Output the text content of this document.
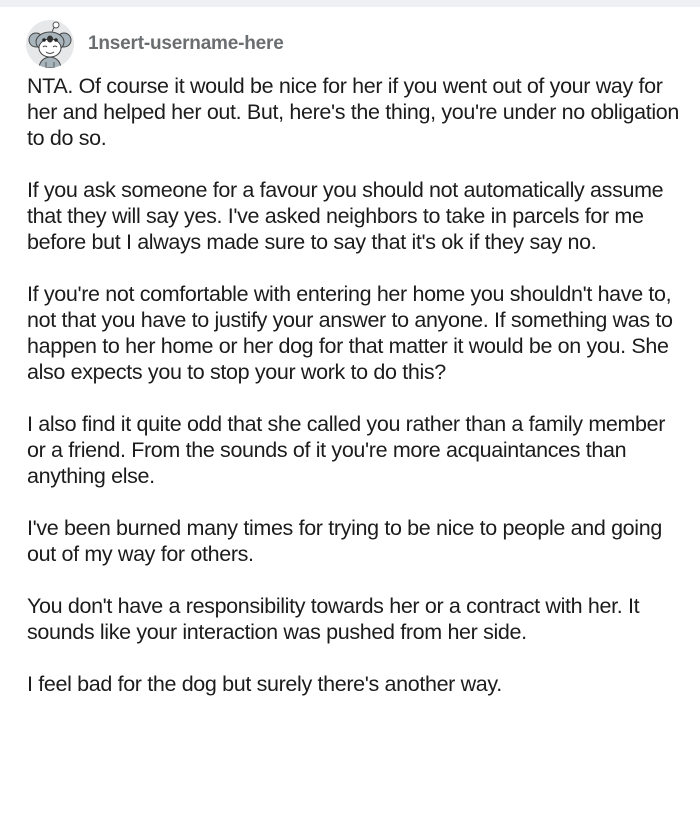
1nsert-username-here

NTA. Of course it would be nice for her if you went out of your way for her and helped her out. But, here's the thing, you're under no obligation to do so.

If you ask someone for a favour you should not automatically assume that they will say yes. I've asked neighbors to take in parcels for me before but I always made sure to say that it's ok if they say no.

If you're not comfortable with entering her home you shouldn't have to, not that you have to justify your answer to anyone. If something was to happen to her home or her dog for that matter it would be on you. She also expects you to stop your work to do this?

I also find it quite odd that she called you rather than a family member or a friend. From the sounds of it you're more acquaintances than anything else.

I've been burned many times for trying to be nice to people and going out of my way for others.

You don't have a responsibility towards her or a contract with her. It sounds like your interaction was pushed from her side.

I feel bad for the dog but surely there's another way.
